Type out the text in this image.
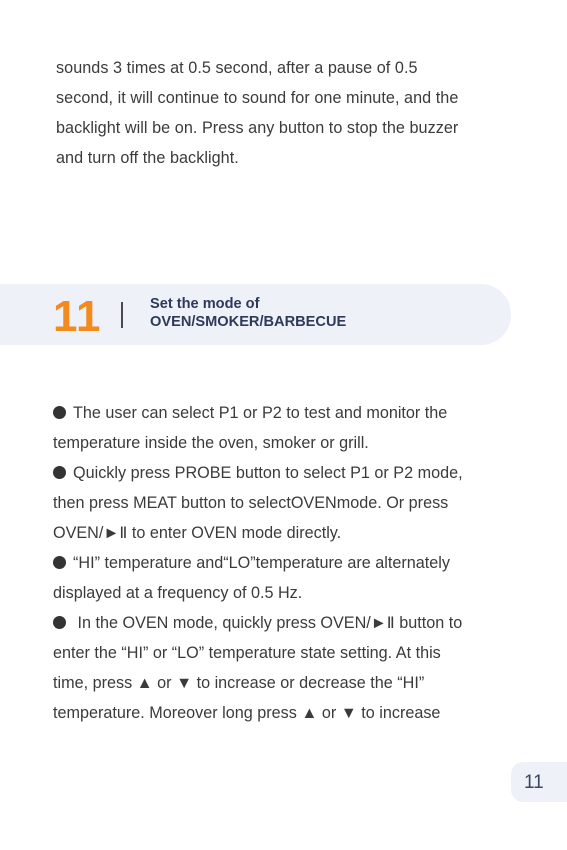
sounds 3 times at 0.5 second, after a pause of 0.5

second, it will continue to sound for one minute, and the

backlight will be on. Press any button to stop the buzzer

and turn off the backlight.

11	Set the mode of
OVEN/SMOKER/BARBECUE
The user can select P1 or P2 to test and monitor the
temperature inside the oven, smoker or grill.
Quickly press PROBE button to select P1 or P2 mode,
then press MEAT button to selectOVENmode. Or press
OVEN/►Ⅱ to enter OVEN mode directly.
“HI” temperature and“LO”temperature are alternately
displayed at a frequency of 0.5 Hz.
In the OVEN mode, quickly press OVEN/►Ⅱ button to
enter the “HI” or “LO” temperature state setting. At this
time, press ▲ or ▼ to increase or decrease the “HI”
temperature. Moreover long press ▲ or ▼ to increase
11
